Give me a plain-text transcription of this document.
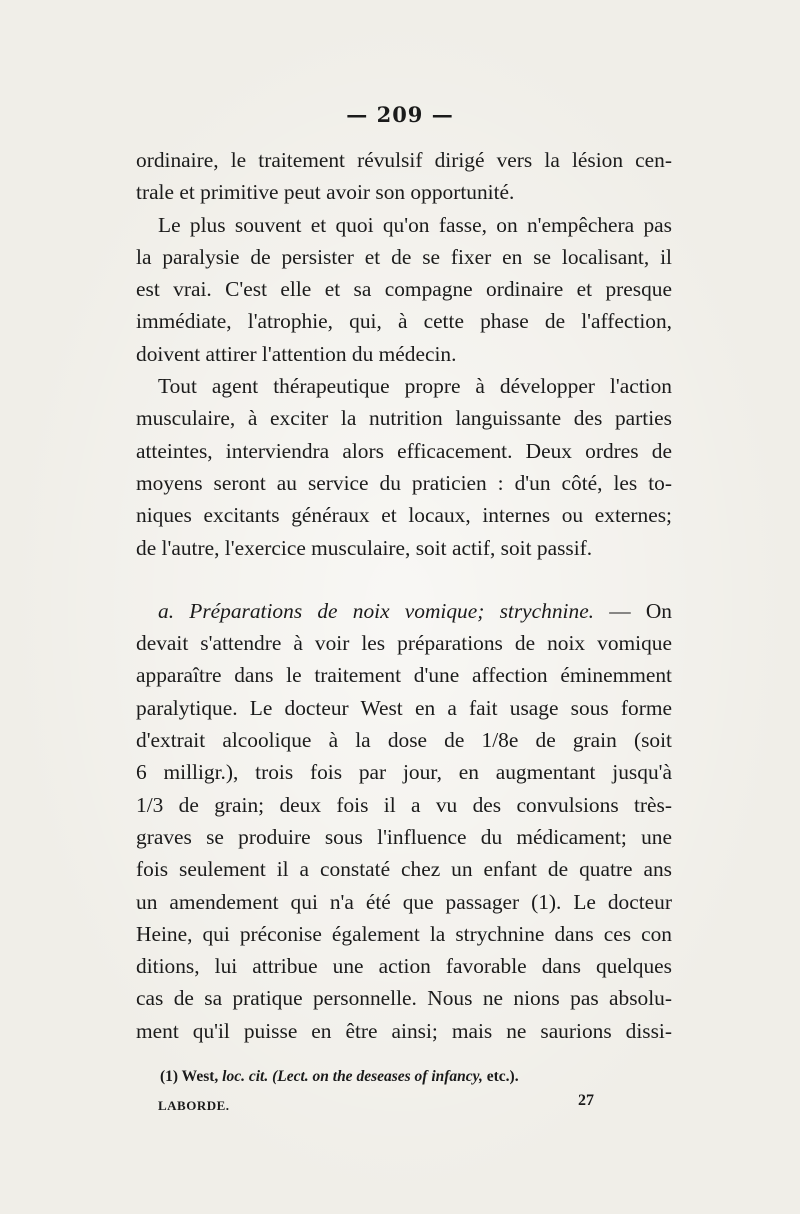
— 209 —
ordinaire, le traitement révulsif dirigé vers la lésion cen-
trale et primitive peut avoir son opportunité.
Le plus souvent et quoi qu'on fasse, on n'empêchera pas
la paralysie de persister et de se fixer en se localisant, il
est vrai. C'est elle et sa compagne ordinaire et presque
immédiate, l'atrophie, qui, à cette phase de l'affection,
doivent attirer l'attention du médecin.
Tout agent thérapeutique propre à développer l'action
musculaire, à exciter la nutrition languissante des parties
atteintes, interviendra alors efficacement. Deux ordres de
moyens seront au service du praticien : d'un côté, les to-
niques excitants généraux et locaux, internes ou externes;
de l'autre, l'exercice musculaire, soit actif, soit passif.
a. Préparations de noix vomique; strychnine. — On
devait s'attendre à voir les préparations de noix vomique
apparaître dans le traitement d'une affection éminemment
paralytique. Le docteur West en a fait usage sous forme
d'extrait alcoolique à la dose de 1/8e de grain (soit
6 milligr.), trois fois par jour, en augmentant jusqu'à
1/3 de grain; deux fois il a vu des convulsions très-
graves se produire sous l'influence du médicament; une
fois seulement il a constaté chez un enfant de quatre ans
un amendement qui n'a été que passager (1). Le docteur
Heine, qui préconise également la strychnine dans ces con
ditions, lui attribue une action favorable dans quelques
cas de sa pratique personnelle. Nous ne nions pas absolu-
ment qu'il puisse en être ainsi; mais ne saurions dissi-
(1) West, loc. cit. (Lect. on the deseases of infancy, etc.).
LABORDE.	27
